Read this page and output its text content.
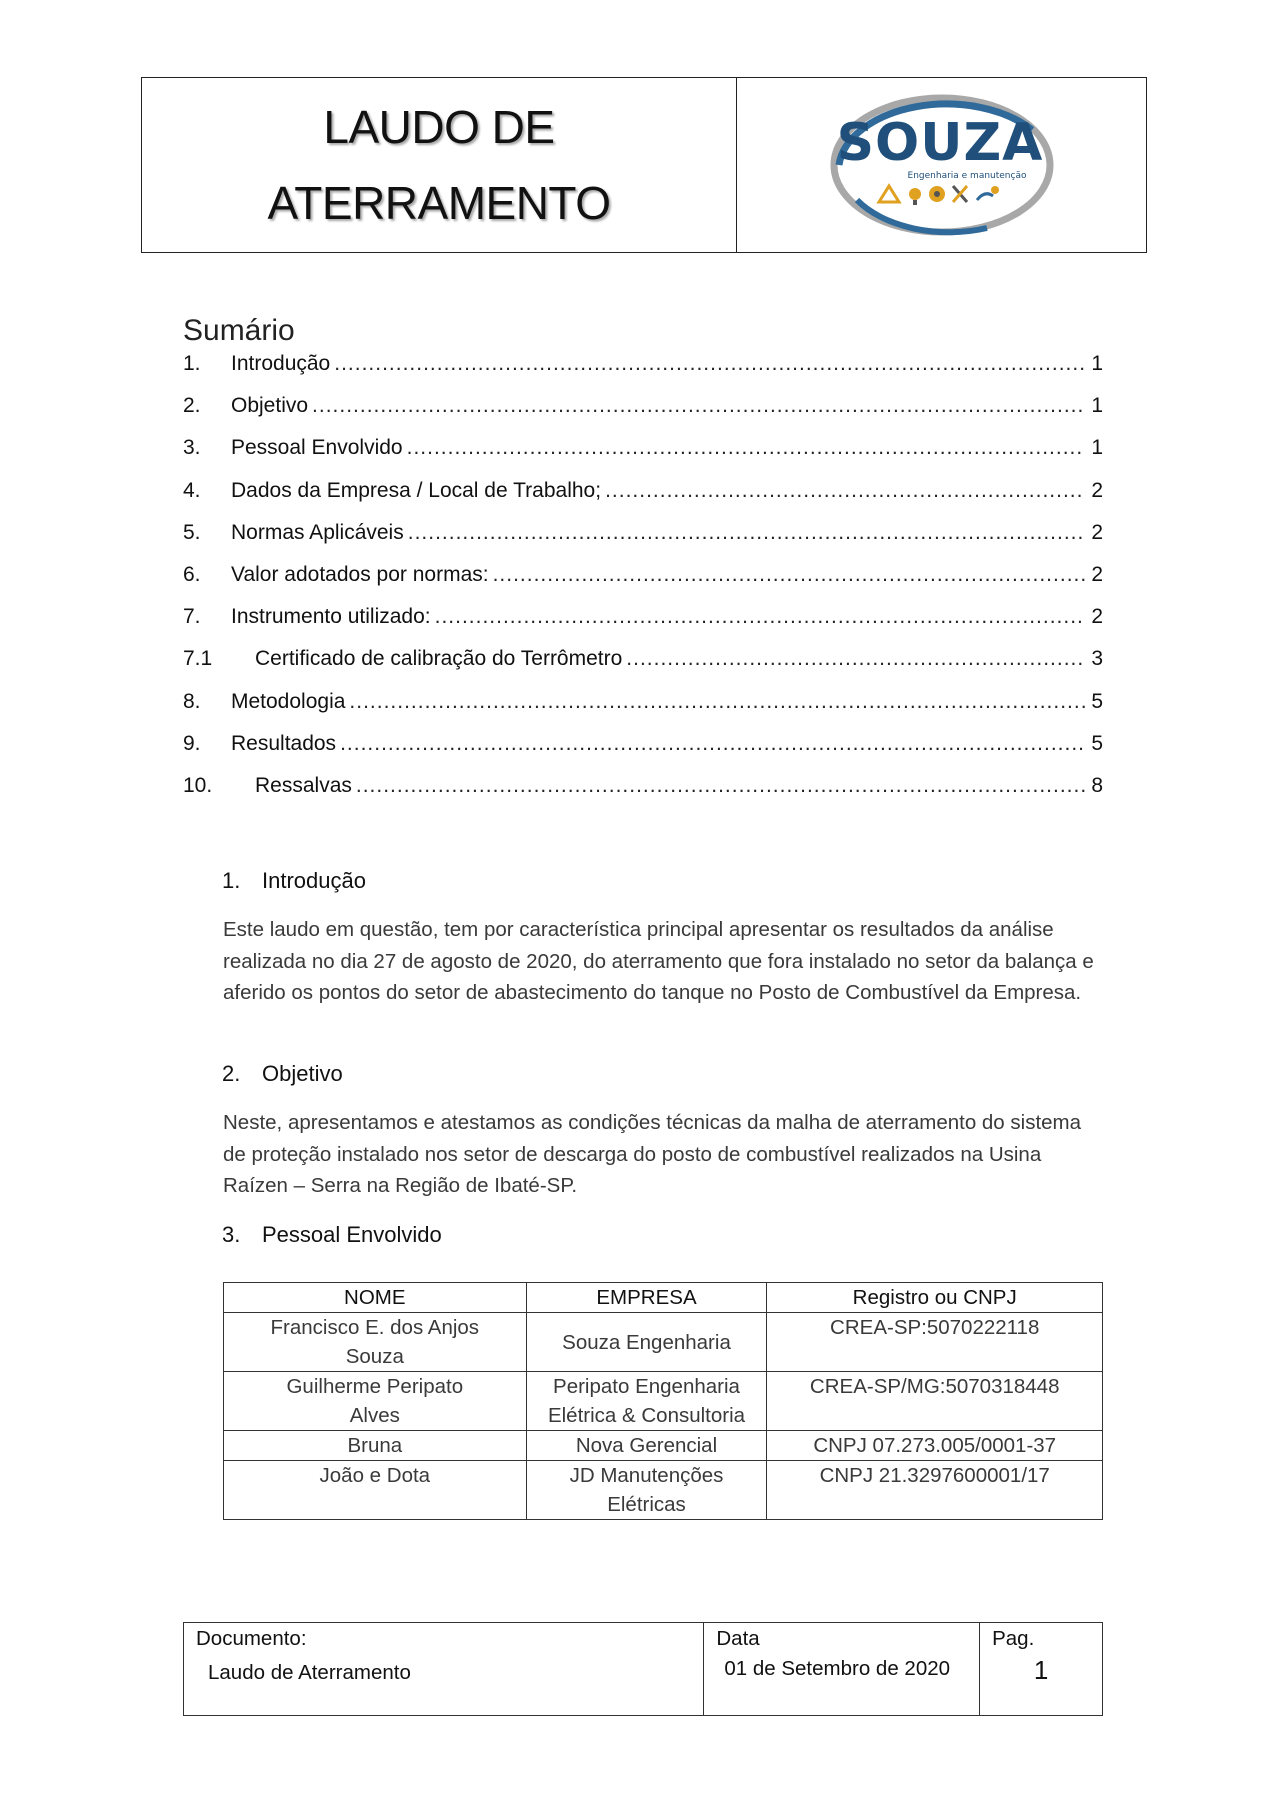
LAUDO DE
ATERRAMENTO
SOUZA
Engenharia e manutenção
Sumário
1.	Introdução .....	1
2.	Objetivo .....	1
3.	Pessoal Envolvido .....	1
4.	Dados da Empresa / Local de Trabalho; .....	2
5.	Normas Aplicáveis .....	2
6.	Valor adotados por normas: .....	2
7.	Instrumento utilizado: .....	2
7.1	Certificado de calibração do Terrômetro .....	3
8.	Metodologia .....	5
9.	Resultados .....	5
10.	Ressalvas .....	8
1. Introdução

Este laudo em questão, tem por característica principal apresentar os resultados da análise realizada no dia 27 de agosto de 2020, do aterramento que fora instalado no setor da balança e aferido os pontos do setor de abastecimento do tanque no Posto de Combustível da Empresa.

2. Objetivo

Neste, apresentamos e atestamos as condições técnicas da malha de aterramento do sistema de proteção instalado nos setor de descarga do posto de combustível realizados na Usina Raízen – Serra na Região de Ibaté-SP.

3. Pessoal Envolvido
NOME	EMPRESA	Registro ou CNPJ
Francisco E. dos Anjos Souza	Souza Engenharia	CREA-SP:5070222118
Guilherme Peripato Alves	Peripato Engenharia Elétrica & Consultoria	CREA-SP/MG:5070318448
Bruna	Nova Gerencial	CNPJ 07.273.005/0001-37
João e Dota	JD Manutenções Elétricas	CNPJ 21.3297600001/17
Documento:
Laudo de Aterramento

Data
01 de Setembro de 2020

Pag.
1
